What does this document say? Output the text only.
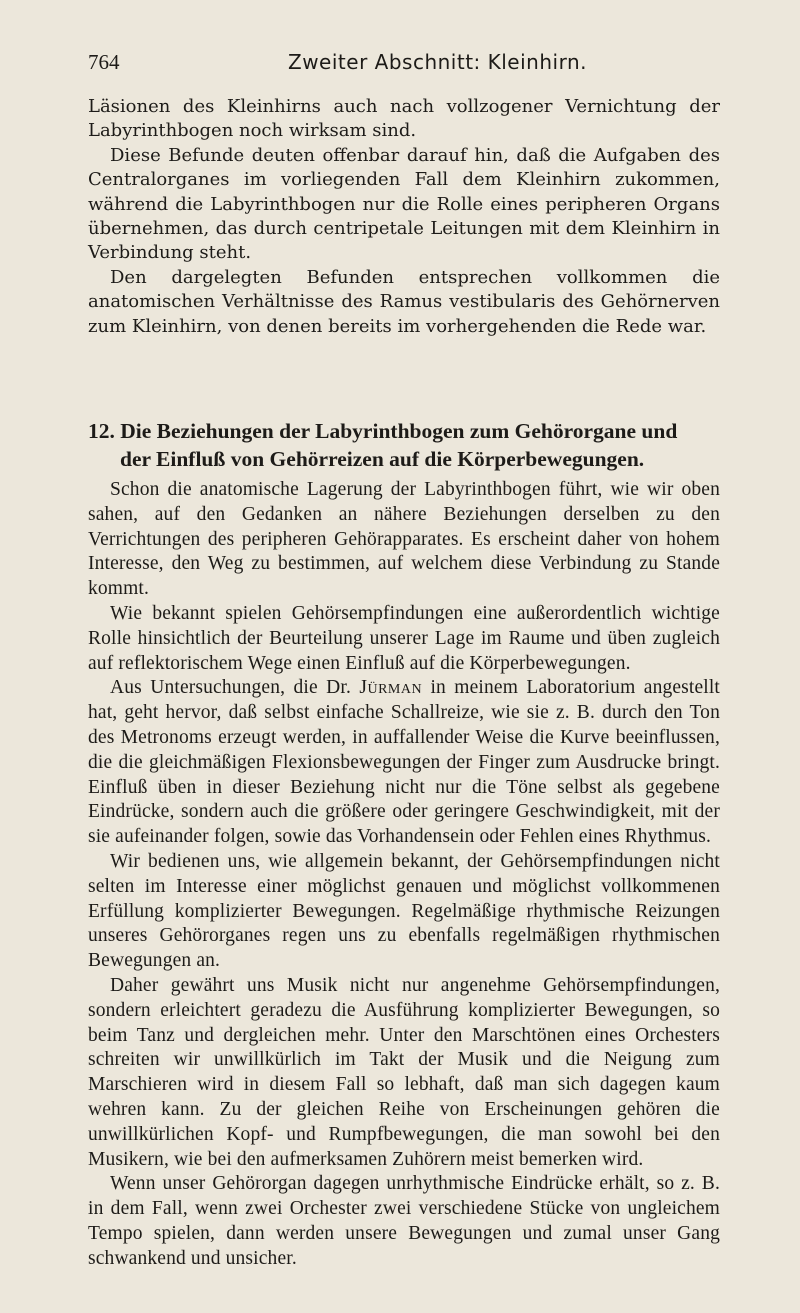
764	Zweiter Abschnitt: Kleinhirn.

Läsionen des Kleinhirns auch nach vollzogener Vernichtung der Labyrinthbogen noch wirksam sind.

Diese Befunde deuten offenbar darauf hin, daß die Aufgaben des Centralorganes im vorliegenden Fall dem Kleinhirn zukommen, während die Labyrinthbogen nur die Rolle eines peripheren Organs übernehmen, das durch centripetale Leitungen mit dem Kleinhirn in Verbindung steht.

Den dargelegten Befunden entsprechen vollkommen die anatomischen Verhältnisse des Ramus vestibularis des Gehörnerven zum Kleinhirn, von denen bereits im vorhergehenden die Rede war.

12. Die Beziehungen der Labyrinthbogen zum Gehörorgane und
der Einfluß von Gehörreizen auf die Körperbewegungen.

Schon die anatomische Lagerung der Labyrinthbogen führt, wie wir oben sahen, auf den Gedanken an nähere Beziehungen derselben zu den Verrichtungen des peripheren Gehörapparates. Es erscheint daher von hohem Interesse, den Weg zu bestimmen, auf welchem diese Verbindung zu Stande kommt.

Wie bekannt spielen Gehörsempfindungen eine außerordentlich wichtige Rolle hinsichtlich der Beurteilung unserer Lage im Raume und üben zugleich auf reflektorischem Wege einen Einfluß auf die Körperbewegungen.

Aus Untersuchungen, die Dr. Jürman in meinem Laboratorium angestellt hat, geht hervor, daß selbst einfache Schallreize, wie sie z. B. durch den Ton des Metronoms erzeugt werden, in auffallender Weise die Kurve beeinflussen, die die gleichmäßigen Flexionsbewegungen der Finger zum Ausdrucke bringt. Einfluß üben in dieser Beziehung nicht nur die Töne selbst als gegebene Eindrücke, sondern auch die größere oder geringere Geschwindigkeit, mit der sie aufeinander folgen, sowie das Vorhandensein oder Fehlen eines Rhythmus.

Wir bedienen uns, wie allgemein bekannt, der Gehörsempfindungen nicht selten im Interesse einer möglichst genauen und möglichst vollkommenen Erfüllung komplizierter Bewegungen. Regelmäßige rhythmische Reizungen unseres Gehörorganes regen uns zu ebenfalls regelmäßigen rhythmischen Bewegungen an.

Daher gewährt uns Musik nicht nur angenehme Gehörsempfindungen, sondern erleichtert geradezu die Ausführung komplizierter Bewegungen, so beim Tanz und dergleichen mehr. Unter den Marschtönen eines Orchesters schreiten wir unwillkürlich im Takt der Musik und die Neigung zum Marschieren wird in diesem Fall so lebhaft, daß man sich dagegen kaum wehren kann. Zu der gleichen Reihe von Erscheinungen gehören die unwillkürlichen Kopf- und Rumpfbewegungen, die man sowohl bei den Musikern, wie bei den aufmerksamen Zuhörern meist bemerken wird.

Wenn unser Gehörorgan dagegen unrhythmische Eindrücke erhält, so z. B. in dem Fall, wenn zwei Orchester zwei verschiedene Stücke von ungleichem Tempo spielen, dann werden unsere Bewegungen und zumal unser Gang schwankend und unsicher.
